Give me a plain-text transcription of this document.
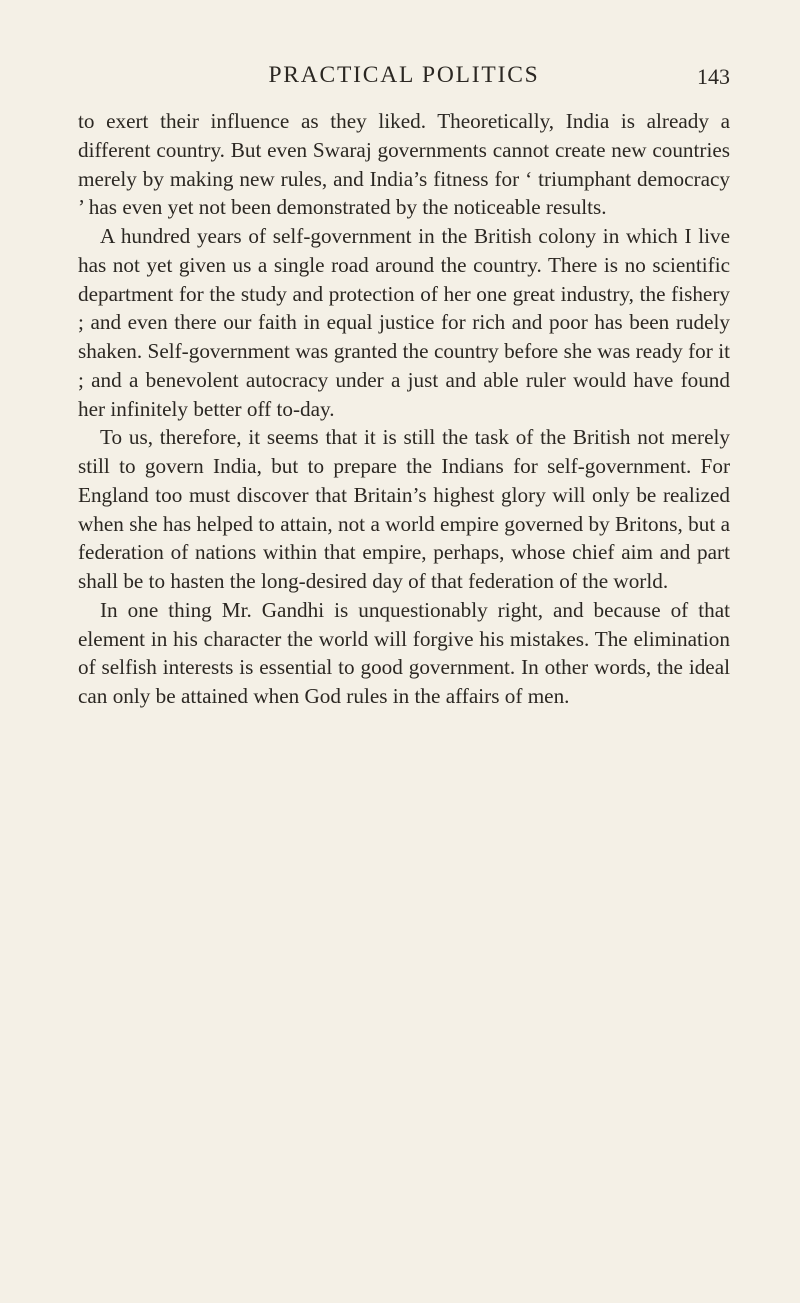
PRACTICAL POLITICS	143

to exert their influence as they liked. Theoretically, India is already a different country. But even Swaraj governments cannot create new countries merely by making new rules, and India’s fitness for ‘ triumphant democracy ’ has even yet not been demonstrated by the noticeable results.

A hundred years of self-government in the British colony in which I live has not yet given us a single road around the country. There is no scientific department for the study and protection of her one great industry, the fishery ; and even there our faith in equal justice for rich and poor has been rudely shaken. Self-government was granted the country before she was ready for it ; and a benevolent autocracy under a just and able ruler would have found her infinitely better off to-day.

To us, therefore, it seems that it is still the task of the British not merely still to govern India, but to prepare the Indians for self-government. For England too must discover that Britain’s highest glory will only be realized when she has helped to attain, not a world empire governed by Britons, but a federation of nations within that empire, perhaps, whose chief aim and part shall be to hasten the long-desired day of that federation of the world.

In one thing Mr. Gandhi is unquestionably right, and because of that element in his character the world will forgive his mistakes. The elimination of selfish interests is essential to good government. In other words, the ideal can only be attained when God rules in the affairs of men.
